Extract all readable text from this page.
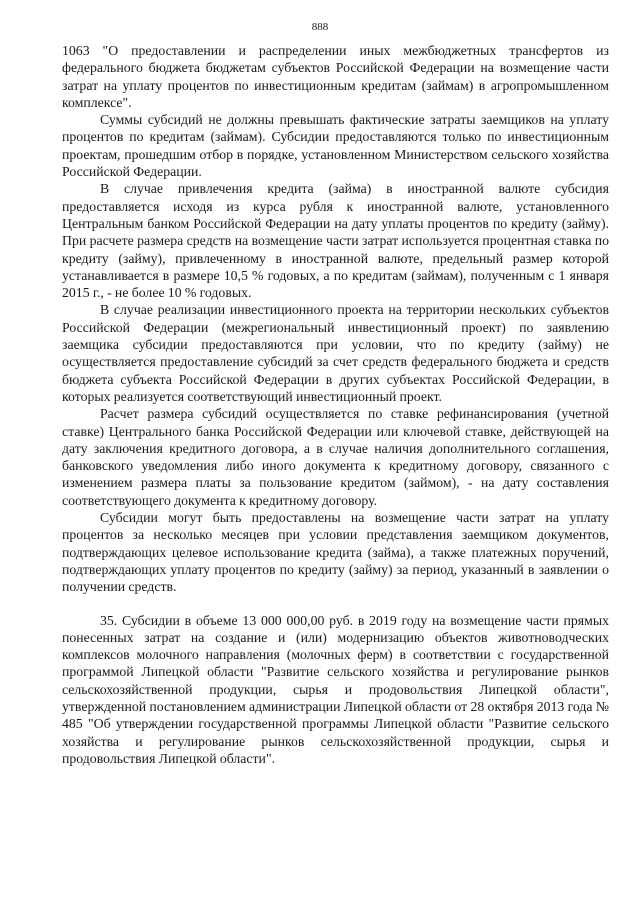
888

1063 "О предоставлении и распределении иных межбюджетных трансфертов из федерального бюджета бюджетам субъектов Российской Федерации на возмещение части затрат на уплату процентов по инвестиционным кредитам (займам) в агропромышленном комплексе".

Суммы субсидий не должны превышать фактические затраты заемщиков на уплату процентов по кредитам (займам). Субсидии предоставляются только по инвестиционным проектам, прошедшим отбор в порядке, установленном Министерством сельского хозяйства Российской Федерации.

В случае привлечения кредита (займа) в иностранной валюте субсидия предоставляется исходя из курса рубля к иностранной валюте, установленного Центральным банком Российской Федерации на дату уплаты процентов по кредиту (займу). При расчете размера средств на возмещение части затрат используется процентная ставка по кредиту (займу), привлеченному в иностранной валюте, предельный размер которой устанавливается в размере 10,5 % годовых, а по кредитам (займам), полученным с 1 января 2015 г., - не более 10 % годовых.

В случае реализации инвестиционного проекта на территории нескольких субъектов Российской Федерации (межрегиональный инвестиционный проект) по заявлению заемщика субсидии предоставляются при условии, что по кредиту (займу) не осуществляется предоставление субсидий за счет средств федерального бюджета и средств бюджета субъекта Российской Федерации в других субъектах Российской Федерации, в которых реализуется соответствующий инвестиционный проект.

Расчет размера субсидий осуществляется по ставке рефинансирования (учетной ставке) Центрального банка Российской Федерации или ключевой ставке, действующей на дату заключения кредитного договора, а в случае наличия дополнительного соглашения, банковского уведомления либо иного документа к кредитному договору, связанного с изменением размера платы за пользование кредитом (займом), - на дату составления соответствующего документа к кредитному договору.

Субсидии могут быть предоставлены на возмещение части затрат на уплату процентов за несколько месяцев при условии представления заемщиком документов, подтверждающих целевое использование кредита (займа), а также платежных поручений, подтверждающих уплату процентов по кредиту (займу) за период, указанный в заявлении о получении средств.

35. Субсидии в объеме 13 000 000,00 руб. в 2019 году на возмещение части прямых понесенных затрат на создание и (или) модернизацию объектов животноводческих комплексов молочного направления (молочных ферм) в соответствии с государственной программой Липецкой области "Развитие сельского хозяйства и регулирование рынков сельскохозяйственной продукции, сырья и продовольствия Липецкой области", утвержденной постановлением администрации Липецкой области от 28 октября 2013 года № 485 "Об утверждении государственной программы Липецкой области "Развитие сельского хозяйства и регулирование рынков сельскохозяйственной продукции, сырья и продовольствия Липецкой области".
